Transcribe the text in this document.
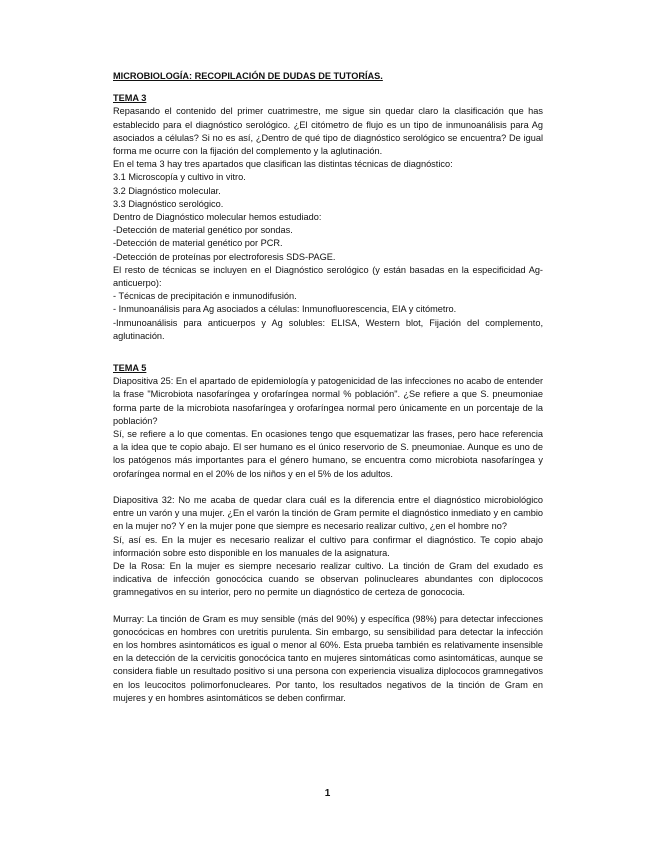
MICROBIOLOGÍA: RECOPILACIÓN DE DUDAS DE TUTORÍAS.
TEMA 3

Repasando el contenido del primer cuatrimestre, me sigue sin quedar claro la clasificación que has establecido para el diagnóstico serológico. ¿El citómetro de flujo es un tipo de inmunoanálisis para Ag asociados a células? Si no es así, ¿Dentro de qué tipo de diagnóstico serológico se encuentra? De igual forma me ocurre con la fijación del complemento y la aglutinación.

En el tema 3 hay tres apartados que clasifican las distintas técnicas de diagnóstico:
3.1 Microscopía y cultivo in vitro.
3.2 Diagnóstico molecular.
3.3 Diagnóstico serológico.
Dentro de Diagnóstico molecular hemos estudiado:
-Detección de material genético por sondas.
-Detección de material genético por PCR.
-Detección de proteínas por electroforesis SDS-PAGE.
El resto de técnicas se incluyen en el Diagnóstico serológico (y están basadas en la especificidad Ag-anticuerpo):
- Técnicas de precipitación e inmunodifusión.
- Inmunoanálisis para Ag asociados a células: Inmunofluorescencia, EIA y citómetro.
-Inmunoanálisis para anticuerpos y Ag solubles: ELISA, Western blot, Fijación del complemento, aglutinación.
TEMA 5

Diapositiva 25: En el apartado de epidemiología y patogenicidad de las infecciones no acabo de entender la frase "Microbiota nasofaríngea y orofaríngea normal % población". ¿Se refiere a que S. pneumoniae forma parte de la microbiota nasofaríngea y orofaríngea normal pero únicamente en un porcentaje de la población?

Sí, se refiere a lo que comentas. En ocasiones tengo que esquematizar las frases, pero hace referencia a la idea que te copio abajo. El ser humano es el único reservorio de S. pneumoniae. Aunque es uno de los patógenos más importantes para el género humano, se encuentra como microbiota nasofaríngea y orofaríngea normal en el 20% de los niños y en el 5% de los adultos.

Diapositiva 32: No me acaba de quedar clara cuál es la diferencia entre el diagnóstico microbiológico entre un varón y una mujer. ¿En el varón la tinción de Gram permite el diagnóstico inmediato y en cambio en la mujer no? Y en la mujer pone que siempre es necesario realizar cultivo, ¿en el hombre no?

Sí, así es. En la mujer es necesario realizar el cultivo para confirmar el diagnóstico. Te copio abajo información sobre esto disponible en los manuales de la asignatura.

De la Rosa: En la mujer es siempre necesario realizar cultivo. La tinción de Gram del exudado es indicativa de infección gonocócica cuando se observan polinucleares abundantes con diplococos gramnegativos en su interior, pero no permite un diagnóstico de certeza de gonococia.

Murray: La tinción de Gram es muy sensible (más del 90%) y específica (98%) para detectar infecciones gonocócicas en hombres con uretritis purulenta. Sin embargo, su sensibilidad para detectar la infección en los hombres asintomáticos es igual o menor al 60%. Esta prueba también es relativamente insensible en la detección de la cervicitis gonocócica tanto en mujeres sintomáticas como asintomáticas, aunque se considera fiable un resultado positivo si una persona con experiencia visualiza diplococos gramnegativos en los leucocitos polimorfonucleares. Por tanto, los resultados negativos de la tinción de Gram en mujeres y en hombres asintomáticos se deben confirmar.

1
